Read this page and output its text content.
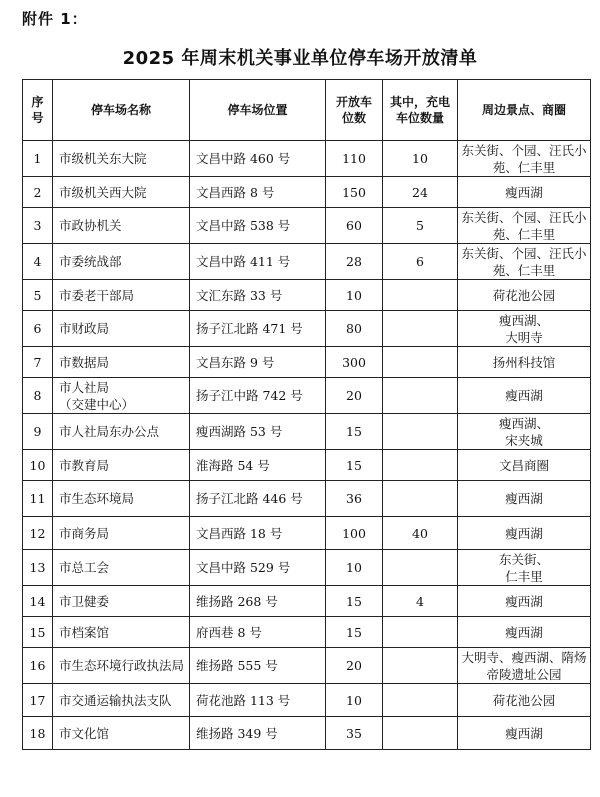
附件 1：
2025 年周末机关事业单位停车场开放清单
序号	停车场名称	停车场位置	开放车位数	其中，充电车位数量	周边景点、商圈
1	市级机关东大院	文昌中路 460 号	110	10	东关街、个园、汪氏小苑、仁丰里
2	市级机关西大院	文昌西路 8 号	150	24	瘦西湖
3	市政协机关	文昌中路 538 号	60	5	东关街、个园、汪氏小苑、仁丰里
4	市委统战部	文昌中路 411 号	28	6	东关街、个园、汪氏小苑、仁丰里
5	市委老干部局	文汇东路 33 号	10		荷花池公园
6	市财政局	扬子江北路 471 号	80		瘦西湖、
大明寺
7	市数据局	文昌东路 9 号	300		扬州科技馆
8	市人社局
（交建中心）	扬子江中路 742 号	20		瘦西湖
9	市人社局东办公点	瘦西湖路 53 号	15		瘦西湖、
宋夹城
10	市教育局	淮海路 54 号	15		文昌商圈
11	市生态环境局	扬子江北路 446 号	36		瘦西湖
12	市商务局	文昌西路 18 号	100	40	瘦西湖
13	市总工会	文昌中路 529 号	10		东关街、
仁丰里
14	市卫健委	维扬路 268 号	15	4	瘦西湖
15	市档案馆	府西巷 8 号	15		瘦西湖
16	市生态环境行政执法局	维扬路 555 号	20		大明寺、瘦西湖、隋炀帝陵遗址公园
17	市交通运输执法支队	荷花池路 113 号	10		荷花池公园
18	市文化馆	维扬路 349 号	35		瘦西湖
